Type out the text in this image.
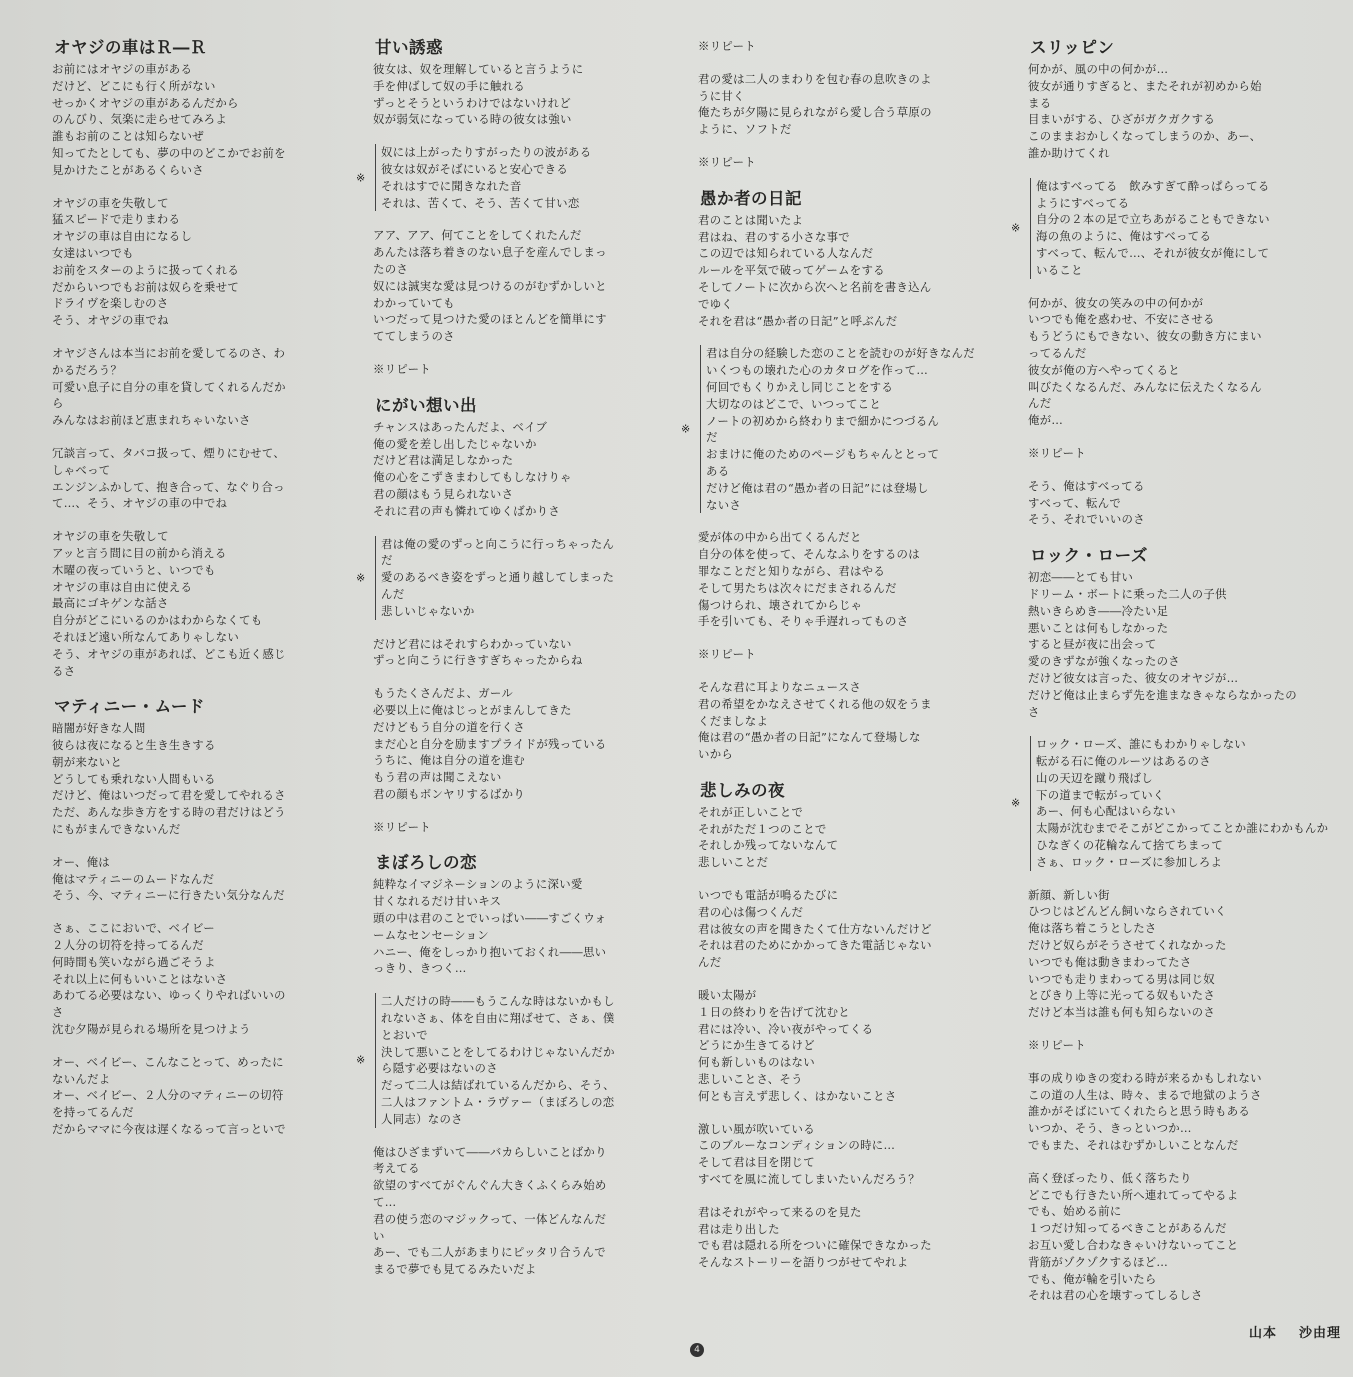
オヤジの車はＲ―Ｒ
お前にはオヤジの車がある
だけど、どこにも行く所がない
せっかくオヤジの車があるんだから
のんびり、気楽に走らせてみろよ
誰もお前のことは知らないぜ
知ってたとしても、夢の中のどこかでお前を
見かけたことがあるくらいさ
オヤジの車を失敬して
猛スピードで走りまわる
オヤジの車は自由になるし
女達はいつでも
お前をスターのように扱ってくれる
だからいつでもお前は奴らを乗せて
ドライヴを楽しむのさ
そう、オヤジの車でね
オヤジさんは本当にお前を愛してるのさ、わ
かるだろう？
可愛い息子に自分の車を貸してくれるんだか
ら
みんなはお前ほど恵まれちゃいないさ
冗談言って、タバコ扱って、煙りにむせて、
しゃべって
エンジンふかして、抱き合って、なぐり合っ
て…、そう、オヤジの車の中でね
オヤジの車を失敬して
アッと言う間に目の前から消える
木曜の夜っていうと、いつでも
オヤジの車は自由に使える
最高にゴキゲンな話さ
自分がどこにいるのかはわからなくても
それほど遠い所なんてありゃしない
そう、オヤジの車があれば、どこも近く感じ
るさ
マティニー・ムード
暗闇が好きな人間
彼らは夜になると生き生きする
朝が来ないと
どうしても乗れない人間もいる
だけど、俺はいつだって君を愛してやれるさ
ただ、あんな歩き方をする時の君だけはどう
にもがまんできないんだ
オー、俺は
俺はマティニーのムードなんだ
そう、今、マティニーに行きたい気分なんだ
さぁ、ここにおいで、ベイビー
２人分の切符を持ってるんだ
何時間も笑いながら過ごそうよ
それ以上に何もいいことはないさ
あわてる必要はない、ゆっくりやればいいの
さ
沈む夕陽が見られる場所を見つけよう
オー、ベイビー、こんなことって、めったに
ないんだよ
オー、ベイビー、２人分のマティニーの切符
を持ってるんだ
だからママに今夜は遅くなるって言っといで
甘い誘惑
彼女は、奴を理解していると言うように
手を伸ばして奴の手に触れる
ずっとそうというわけではないけれど
奴が弱気になっている時の彼女は強い
※
奴には上がったりすがったりの波がある
彼女は奴がそばにいると安心できる
それはすでに聞きなれた音
それは、苦くて、そう、苦くて甘い恋
アア、アア、何てことをしてくれたんだ
あんたは落ち着きのない息子を産んでしまっ
たのさ
奴には誠実な愛は見つけるのがむずかしいと
わかっていても
いつだって見つけた愛のほとんどを簡単にす
ててしまうのさ
※リピート
にがい想い出
チャンスはあったんだよ、ベイブ
俺の愛を差し出したじゃないか
だけど君は満足しなかった
俺の心をこずきまわしてもしなけりゃ
君の顔はもう見られないさ
それに君の声も憐れてゆくばかりさ
※
君は俺の愛のずっと向こうに行っちゃったん
だ
愛のあるべき姿をずっと通り越してしまった
んだ
悲しいじゃないか
だけど君にはそれすらわかっていない
ずっと向こうに行きすぎちゃったからね
もうたくさんだよ、ガール
必要以上に俺はじっとがまんしてきた
だけどもう自分の道を行くさ
まだ心と自分を励ますプライドが残っている
うちに、俺は自分の道を進む
もう君の声は聞こえない
君の顔もボンヤリするばかり
※リピート
まぼろしの恋
純粋なイマジネーションのように深い愛
甘くなれるだけ甘いキス
頭の中は君のことでいっぱい――すごくウォ
ームなセンセーション
ハニー、俺をしっかり抱いておくれ――思い
っきり、きつく…
※
二人だけの時――もうこんな時はないかもし
れないさぁ、体を自由に翔ばせて、さぁ、僕
とおいで
決して悪いことをしてるわけじゃないんだか
ら隠す必要はないのさ
だって二人は結ばれているんだから、そう、
二人はファントム・ラヴァー（まぼろしの恋
人同志）なのさ
俺はひざまずいて――バカらしいことばかり
考えてる
欲望のすべてがぐんぐん大きくふくらみ始め
て…
君の使う恋のマジックって、一体どんなんだ
い
あー、でも二人があまりにピッタリ合うんで
まるで夢でも見てるみたいだよ
※リピート
君の愛は二人のまわりを包む春の息吹きのよ
うに甘く
俺たちが夕陽に見られながら愛し合う草原の
ように、ソフトだ
※リピート
愚か者の日記
君のことは聞いたよ
君はね、君のする小さな事で
この辺では知られている人なんだ
ルールを平気で破ってゲームをする
そしてノートに次から次へと名前を書き込ん
でゆく
それを君は“愚か者の日記”と呼ぶんだ
※
君は自分の経験した恋のことを読むのが好きなんだ
いくつもの壊れた心のカタログを作って…
何回でもくりかえし同じことをする
大切なのはどこで、いつってこと
ノートの初めから終わりまで細かにつづるん
だ
おまけに俺のためのページもちゃんととって
ある
だけど俺は君の“愚か者の日記”には登場し
ないさ
愛が体の中から出てくるんだと
自分の体を使って、そんなふりをするのは
罪なことだと知りながら、君はやる
そして男たちは次々にだまされるんだ
傷つけられ、壊されてからじゃ
手を引いても、そりゃ手遅れってものさ
※リピート
そんな君に耳よりなニュースさ
君の希望をかなえさせてくれる他の奴をうま
くだましなよ
俺は君の“愚か者の日記”になんて登場しな
いから
悲しみの夜
それが正しいことで
それがただ１つのことで
それしか残ってないなんて
悲しいことだ
いつでも電話が鳴るたびに
君の心は傷つくんだ
君は彼女の声を聞きたくて仕方ないんだけど
それは君のためにかかってきた電話じゃない
んだ
暖い太陽が
１日の終わりを告げて沈むと
君には冷い、冷い夜がやってくる
どうにか生きてるけど
何も新しいものはない
悲しいことさ、そう
何とも言えず悲しく、はかないことさ
激しい風が吹いている
このブルーなコンディションの時に…
そして君は目を閉じて
すべてを風に流してしまいたいんだろう？
君はそれがやって来るのを見た
君は走り出した
でも君は隠れる所をついに確保できなかった
そんなストーリーを語りつがせてやれよ
スリッピン
何かが、風の中の何かが…
彼女が通りすぎると、またそれが初めから始
まる
目まいがする、ひざがガクガクする
このままおかしくなってしまうのか、あー、
誰か助けてくれ
※
俺はすべってる　飲みすぎて酔っぱらってる
ようにすべってる
自分の２本の足で立ちあがることもできない
海の魚のように、俺はすべってる
すべって、転んで…、それが彼女が俺にして
いること
何かが、彼女の笑みの中の何かが
いつでも俺を惑わせ、不安にさせる
もうどうにもできない、彼女の動き方にまい
ってるんだ
彼女が俺の方へやってくると
叫びたくなるんだ、みんなに伝えたくなるん
んだ
俺が…
※リピート
そう、俺はすべってる
すべって、転んで
そう、それでいいのさ
ロック・ローズ
初恋――とても甘い
ドリーム・ボートに乗った二人の子供
熱いきらめき――冷たい足
悪いことは何もしなかった
すると昼が夜に出会って
愛のきずなが強くなったのさ
だけど彼女は言った、彼女のオヤジが…
だけど俺は止まらず先を進まなきゃならなかったの
さ
※
ロック・ローズ、誰にもわかりゃしない
転がる石に俺のルーツはあるのさ
山の天辺を蹴り飛ばし
下の道まで転がっていく
あー、何も心配はいらない
太陽が沈むまでそこがどこかってことか誰にわかもんか
ひなぎくの花輪なんて捨てちまって
さぁ、ロック・ローズに参加しろよ
新顔、新しい街
ひつじはどんどん飼いならされていく
俺は落ち着こうとしたさ
だけど奴らがそうさせてくれなかった
いつでも俺は動きまわってたさ
いつでも走りまわってる男は同じ奴
とびきり上等に光ってる奴もいたさ
だけど本当は誰も何も知らないのさ
※リピート
事の成りゆきの変わる時が来るかもしれない
この道の人生は、時々、まるで地獄のようさ
誰かがそばにいてくれたらと思う時もある
いつか、そう、きっといつか…
でもまた、それはむずかしいことなんだ
高く登ぼったり、低く落ちたり
どこでも行きたい所へ連れてってやるよ
でも、始める前に
１つだけ知ってるべきことがあるんだ
お互い愛し合わなきゃいけないってこと
背筋がゾクゾクするほど…
でも、俺が輪を引いたら
それは君の心を壊すってしるしさ
山本 沙由理
4
